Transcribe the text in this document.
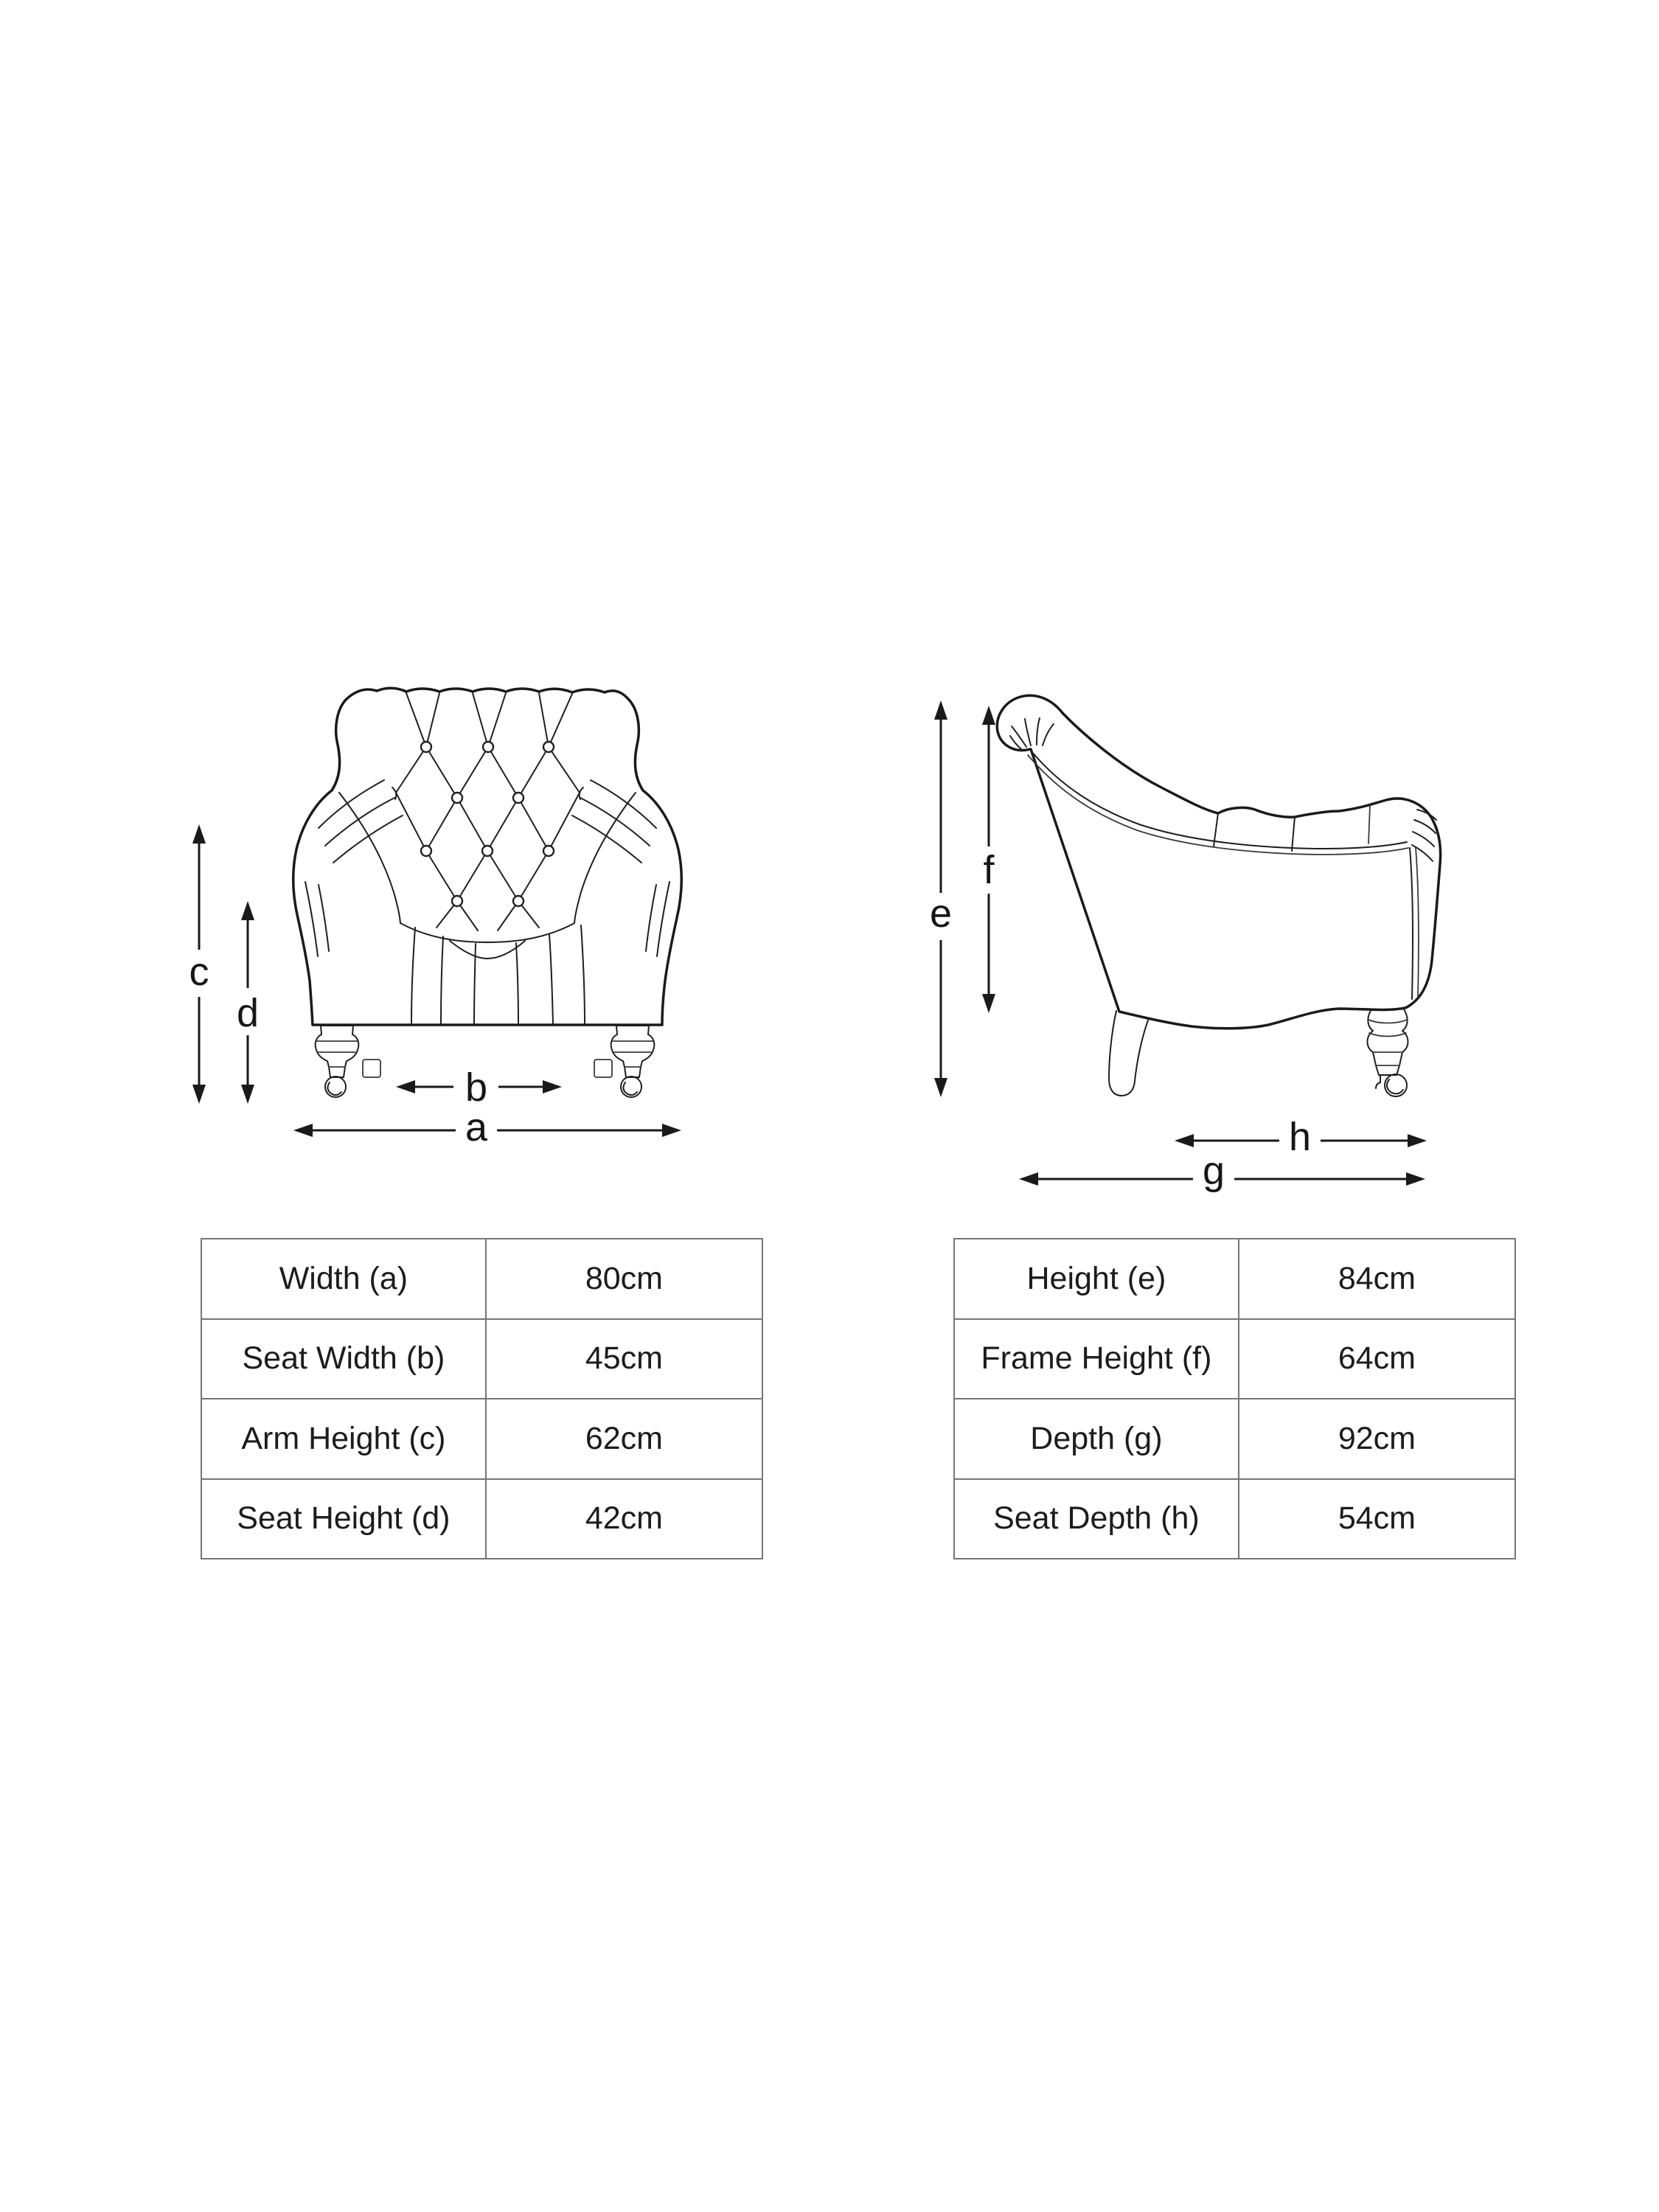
c
d
b
a
e
f
h
g
Width (a)	80cm
Seat Width (b)	45cm
Arm Height (c)	62cm
Seat Height (d)	42cm
Height (e)	84cm
Frame Height (f)	64cm
Depth (g)	92cm
Seat Depth (h)	54cm
